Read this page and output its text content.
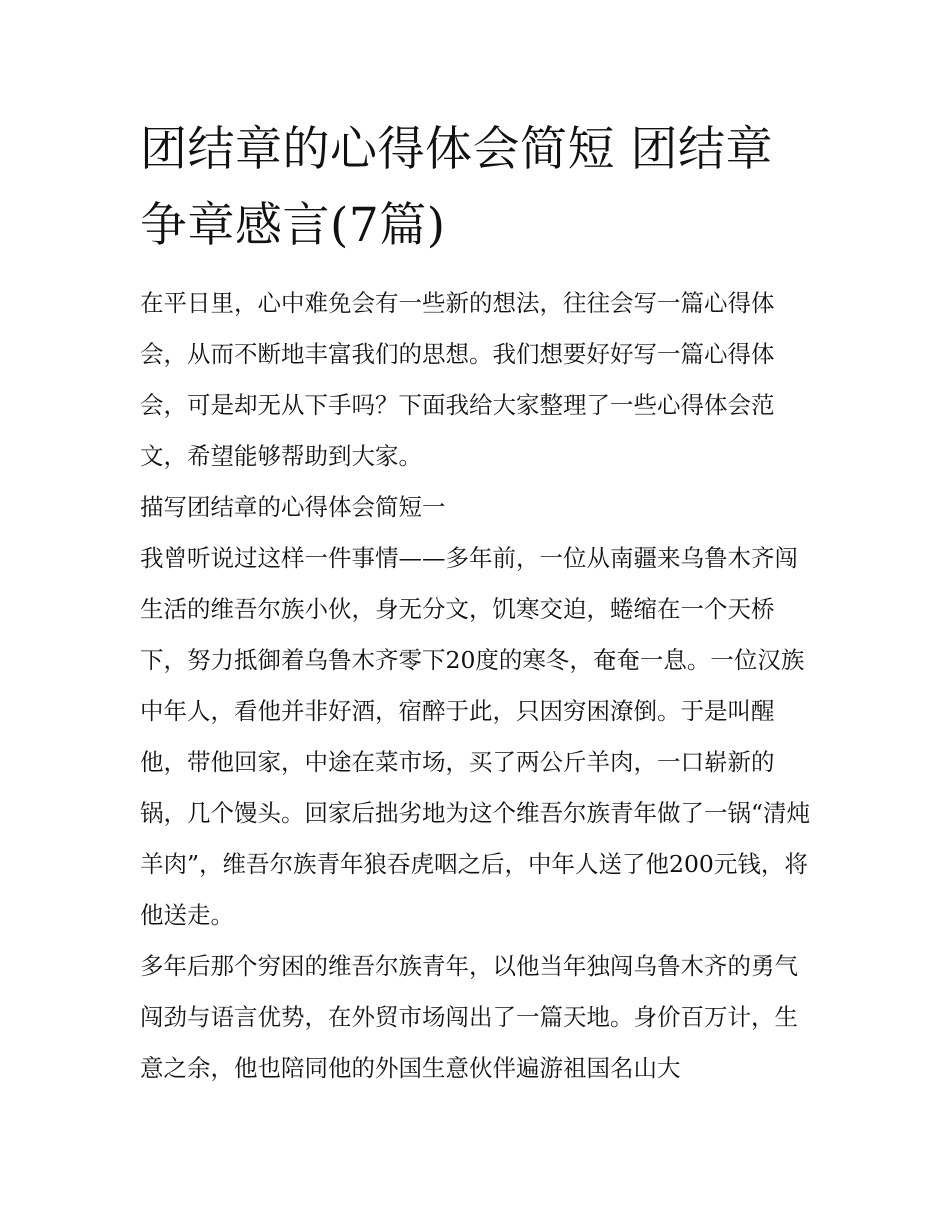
团结章的心得体会简短 团结章争章感言(7篇)

在平日里，心中难免会有一些新的想法，往往会写一篇心得体会，从而不断地丰富我们的思想。我们想要好好写一篇心得体会，可是却无从下手吗？下面我给大家整理了一些心得体会范文，希望能够帮助到大家。

描写团结章的心得体会简短一

我曾听说过这样一件事情——多年前，一位从南疆来乌鲁木齐闯生活的维吾尔族小伙，身无分文，饥寒交迫，蜷缩在一个天桥下，努力抵御着乌鲁木齐零下20度的寒冬，奄奄一息。一位汉族中年人，看他并非好酒，宿醉于此，只因穷困潦倒。于是叫醒他，带他回家，中途在菜市场，买了两公斤羊肉，一口崭新的锅，几个馒头。回家后拙劣地为这个维吾尔族青年做了一锅“清炖羊肉”，维吾尔族青年狼吞虎咽之后，中年人送了他200元钱，将他送走。

多年后那个穷困的维吾尔族青年，以他当年独闯乌鲁木齐的勇气闯劲与语言优势，在外贸市场闯出了一篇天地。身价百万计，生意之余，他也陪同他的外国生意伙伴遍游祖国名山大
